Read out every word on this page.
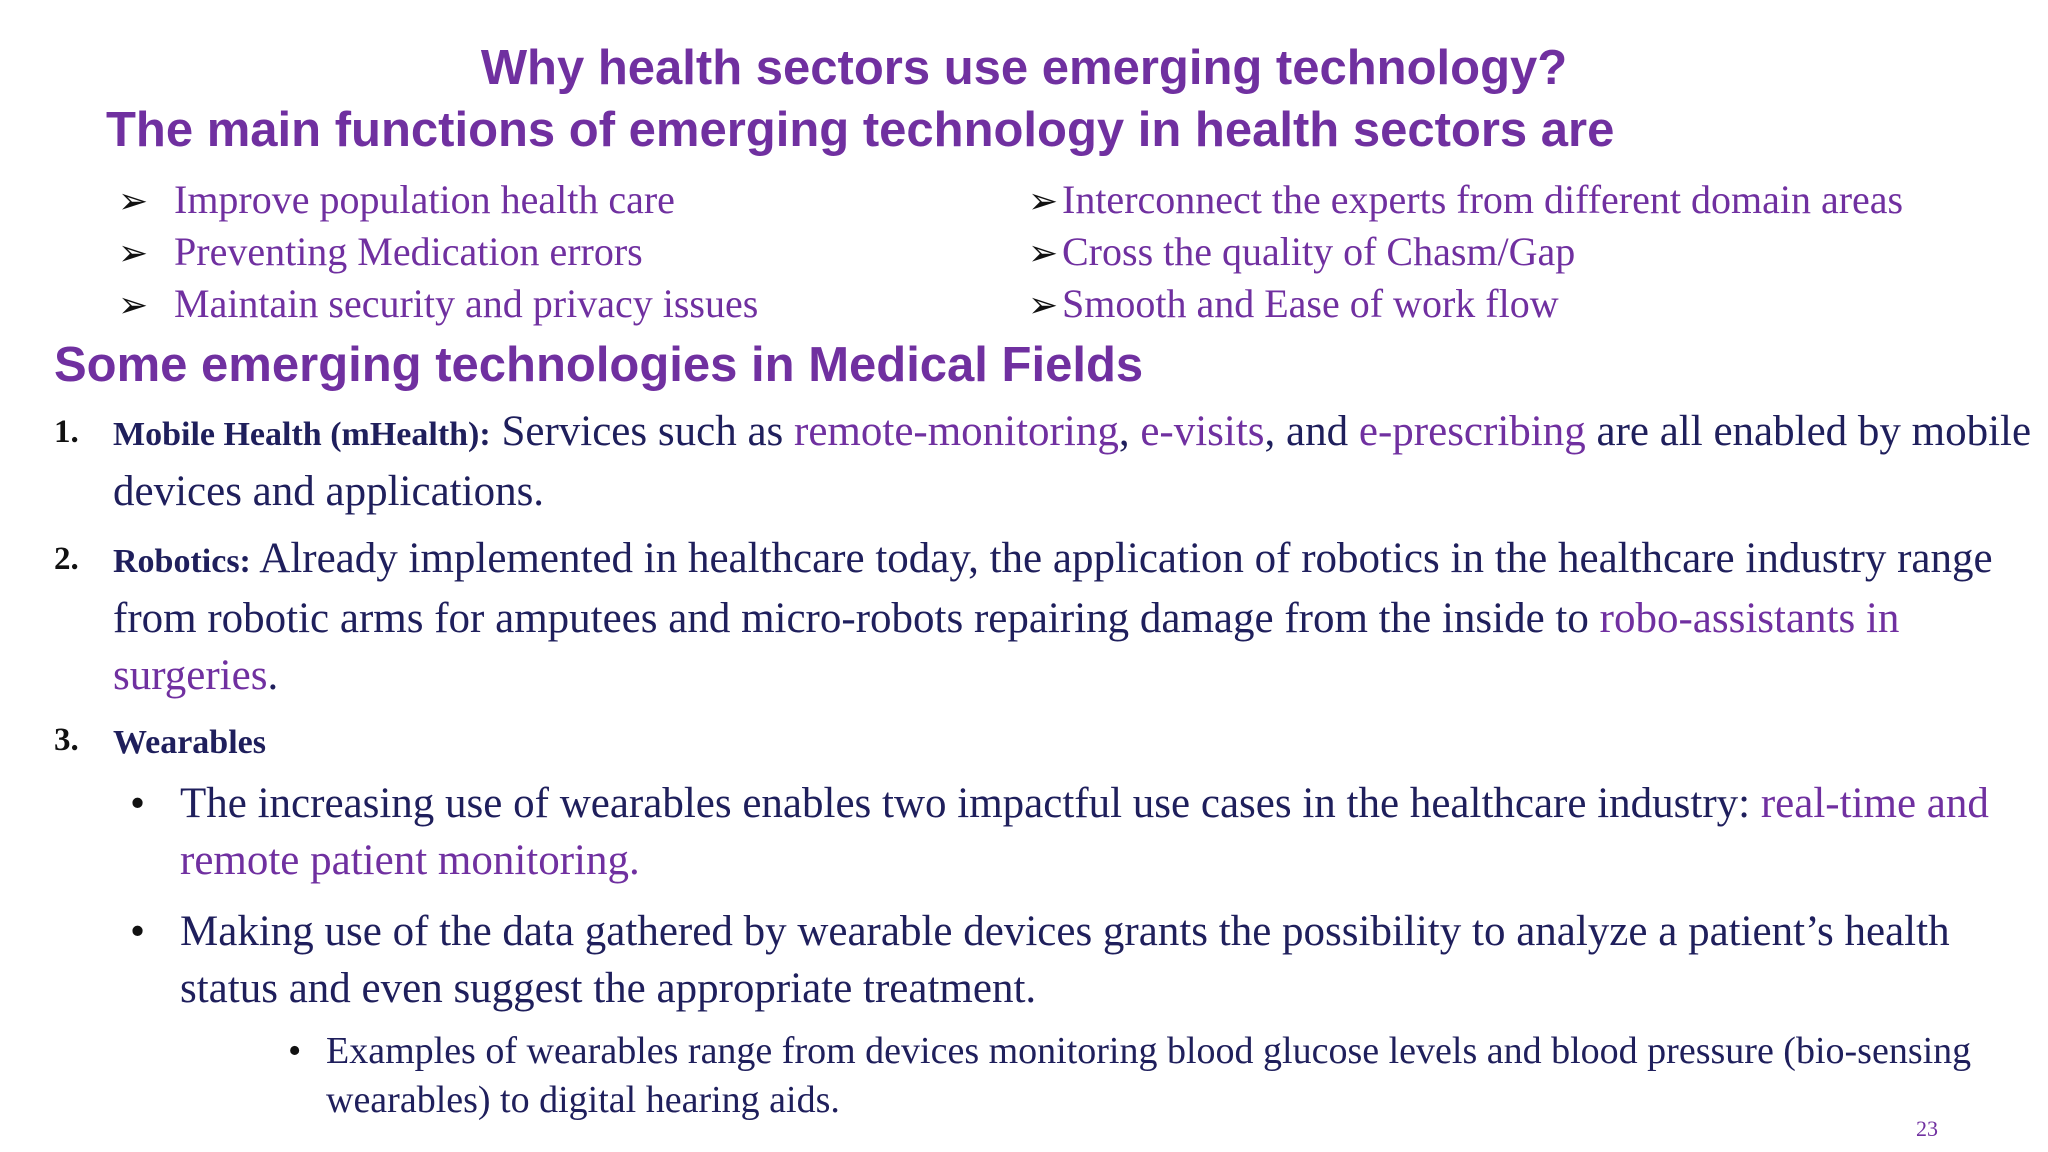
Why health sectors use emerging technology?
The main functions of emerging technology in health sectors are
➢ Improve population health care
➢ Preventing Medication errors
➢ Maintain security and privacy issues
➢ Interconnect the experts from different domain areas
➢ Cross the quality of Chasm/Gap
➢ Smooth and Ease of work flow
Some emerging technologies in Medical Fields
1. Mobile Health (mHealth): Services such as remote-monitoring, e-visits, and e-prescribing are all enabled by mobile devices and applications.
2. Robotics: Already implemented in healthcare today, the application of robotics in the healthcare industry range from robotic arms for amputees and micro-robots repairing damage from the inside to robo-assistants in surgeries.
3. Wearables
• The increasing use of wearables enables two impactful use cases in the healthcare industry: real-time and remote patient monitoring.
• Making use of the data gathered by wearable devices grants the possibility to analyze a patient’s health status and even suggest the appropriate treatment.
• Examples of wearables range from devices monitoring blood glucose levels and blood pressure (bio-sensing wearables) to digital hearing aids.
23
